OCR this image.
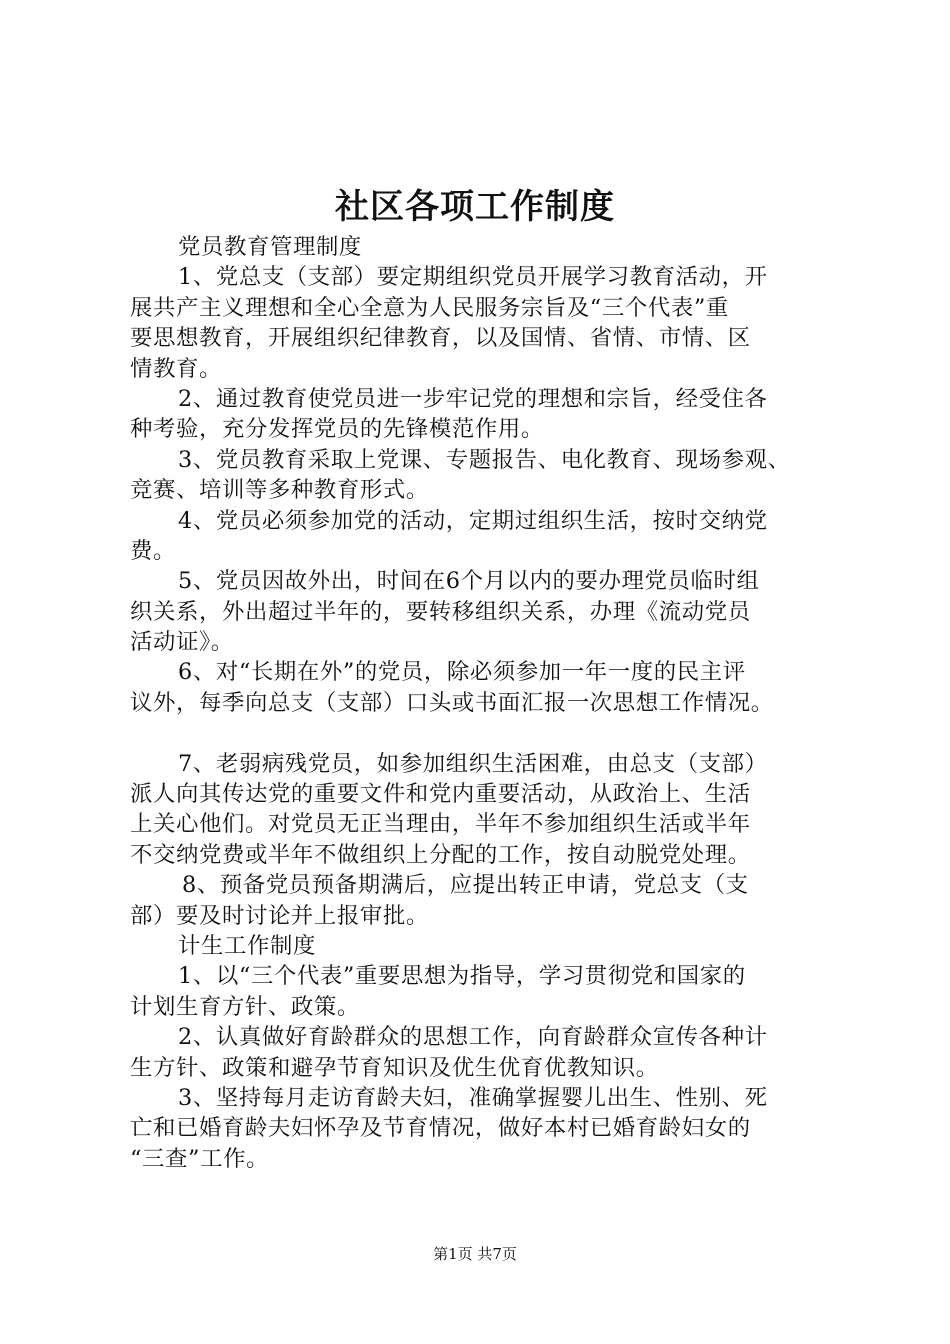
社区各项工作制度
党员教育管理制度
1、党总支（支部）要定期组织党员开展学习教育活动，开
展共产主义理想和全心全意为人民服务宗旨及“三个代表”重
要思想教育，开展组织纪律教育，以及国情、省情、市情、区
情教育。
2、通过教育使党员进一步牢记党的理想和宗旨，经受住各
种考验，充分发挥党员的先锋模范作用。
3、党员教育采取上党课、专题报告、电化教育、现场参观、
竞赛、培训等多种教育形式。
4、党员必须参加党的活动，定期过组织生活，按时交纳党
费。
5、党员因故外出，时间在6个月以内的要办理党员临时组
织关系，外出超过半年的，要转移组织关系，办理《流动党员
活动证》。
6、对“长期在外”的党员，除必须参加一年一度的民主评
议外，每季向总支（支部）口头或书面汇报一次思想工作情况。
7、老弱病残党员，如参加组织生活困难，由总支（支部）
派人向其传达党的重要文件和党内重要活动，从政治上、生活
上关心他们。对党员无正当理由，半年不参加组织生活或半年
不交纳党费或半年不做组织上分配的工作，按自动脱党处理。
8、预备党员预备期满后，应提出转正申请，党总支（支
部）要及时讨论并上报审批。
计生工作制度
1、以“三个代表”重要思想为指导，学习贯彻党和国家的
计划生育方针、政策。
2、认真做好育龄群众的思想工作，向育龄群众宣传各种计
生方针、政策和避孕节育知识及优生优育优教知识。
3、坚持每月走访育龄夫妇，准确掌握婴儿出生、性别、死
亡和已婚育龄夫妇怀孕及节育情况，做好本村已婚育龄妇女的
“三查”工作。
第1页 共7页
